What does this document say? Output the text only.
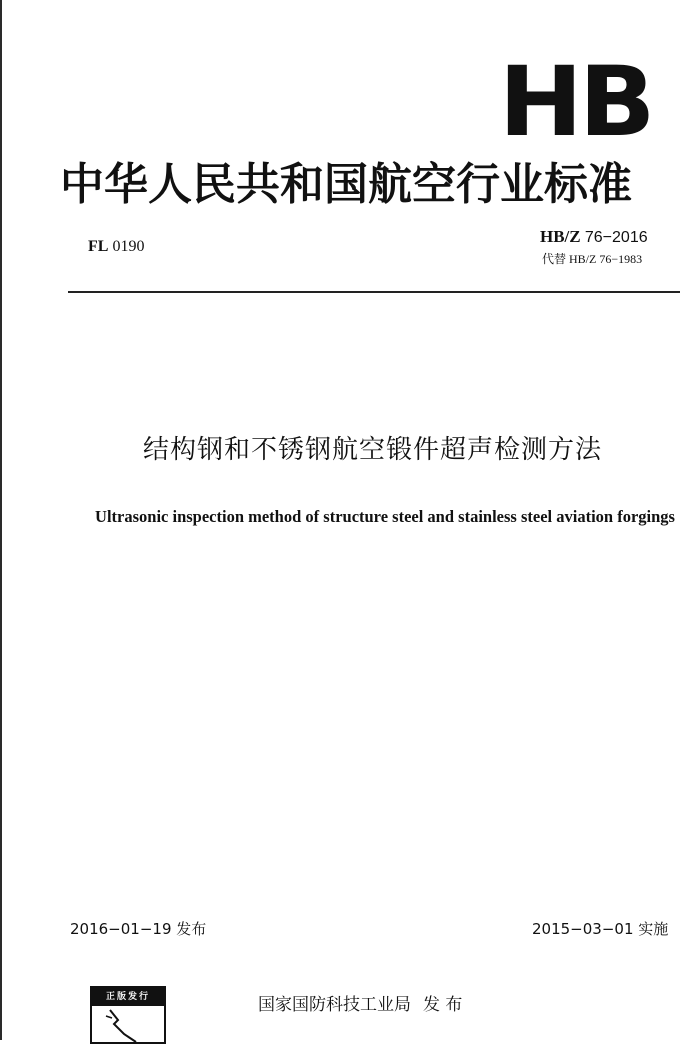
HB
中华人民共和国航空行业标准
FL 0190
HB/Z 76−2016
代替 HB/Z 76−1983
结构钢和不锈钢航空锻件超声检测方法
Ultrasonic inspection method of structure steel and stainless steel aviation forgings
2016−01−19 发布	2015−03−01 实施
正版发行	国家国防科技工业局 发 布
